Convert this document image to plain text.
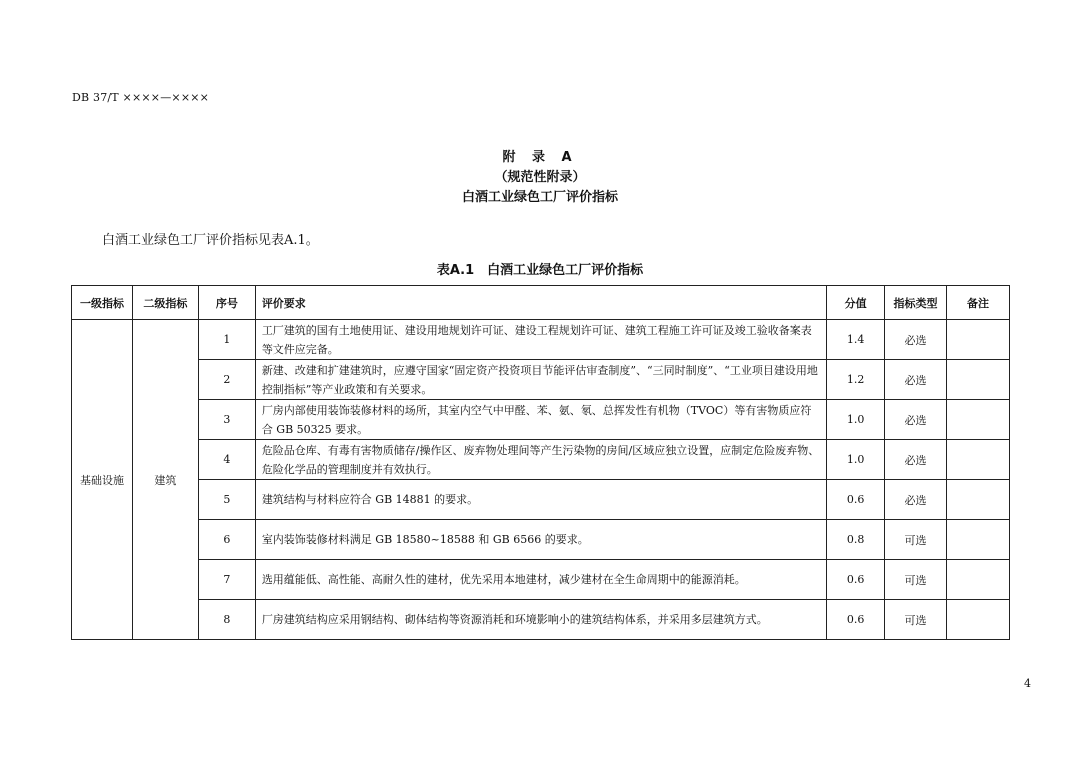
DB 37/T ××××—××××
附 录 A
（规范性附录）
白酒工业绿色工厂评价指标
白酒工业绿色工厂评价指标见表A.1。
表A.1　白酒工业绿色工厂评价指标
一级指标	二级指标	序号	评价要求	分值	指标类型	备注
基础设施	建筑	1	工厂建筑的国有土地使用证、建设用地规划许可证、建设工程规划许可证、建筑工程施工许可证及竣工验收备案表等文件应完备。	1.4	必选	
		2	新建、改建和扩建建筑时，应遵守国家“固定资产投资项目节能评估审查制度”、“三同时制度”、“工业项目建设用地控制指标”等产业政策和有关要求。	1.2	必选	
		3	厂房内部使用装饰装修材料的场所，其室内空气中甲醛、苯、氨、氡、总挥发性有机物（TVOC）等有害物质应符合 GB 50325 要求。	1.0	必选	
		4	危险品仓库、有毒有害物质储存/操作区、废弃物处理间等产生污染物的房间/区域应独立设置，应制定危险废弃物、危险化学品的管理制度并有效执行。	1.0	必选	
		5	建筑结构与材料应符合 GB 14881 的要求。	0.6	必选	
		6	室内装饰装修材料满足 GB 18580~18588 和 GB 6566 的要求。	0.8	可选	
		7	选用蕴能低、高性能、高耐久性的建材，优先采用本地建材，减少建材在全生命周期中的能源消耗。	0.6	可选	
		8	厂房建筑结构应采用钢结构、砌体结构等资源消耗和环境影响小的建筑结构体系，并采用多层建筑方式。	0.6	可选	
4
